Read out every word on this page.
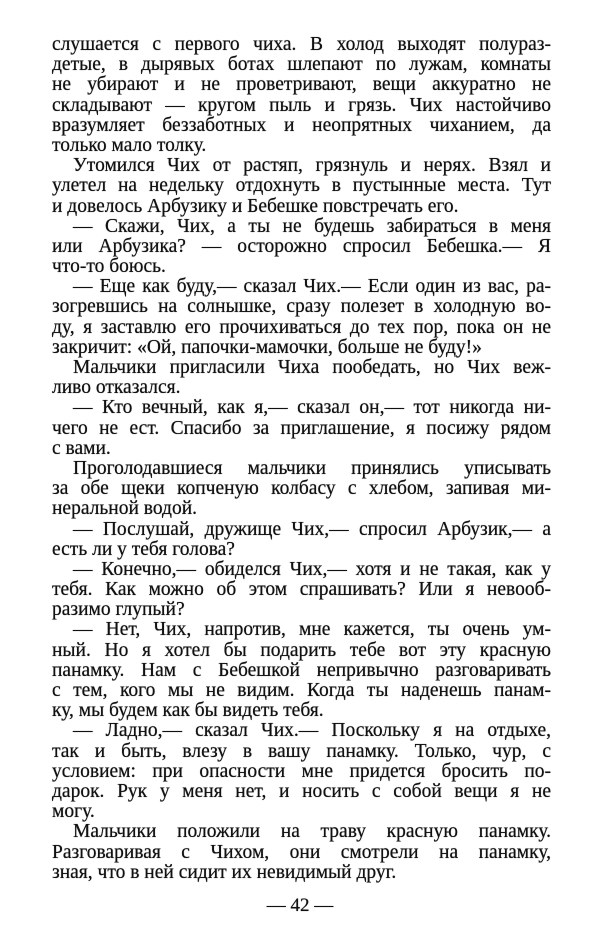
слушается с первого чиха. В холод выходят полураз-
детые, в дырявых ботах шлепают по лужам, комнаты
не убирают и не проветривают, вещи аккуратно не
складывают — кругом пыль и грязь. Чих настойчиво
вразумляет беззаботных и неопрятных чиханием, да
только мало толку.
Утомился Чих от растяп, грязнуль и нерях. Взял и
улетел на недельку отдохнуть в пустынные места. Тут
и довелось Арбузику и Бебешке повстречать его.
— Скажи, Чих, а ты не будешь забираться в меня
или Арбузика? — осторожно спросил Бебешка.— Я
что-то боюсь.
— Еще как буду,— сказал Чих.— Если один из вас, ра-
зогревшись на солнышке, сразу полезет в холодную во-
ду, я заставлю его прочихиваться до тех пор, пока он не
закричит: «Ой, папочки-мамочки, больше не буду!»
Мальчики пригласили Чиха пообедать, но Чих веж-
ливо отказался.
— Кто вечный, как я,— сказал он,— тот никогда ни-
чего не ест. Спасибо за приглашение, я посижу рядом
с вами.
Проголодавшиеся мальчики принялись уписывать
за обе щеки копченую колбасу с хлебом, запивая ми-
неральной водой.
— Послушай, дружище Чих,— спросил Арбузик,— а
есть ли у тебя голова?
— Конечно,— обиделся Чих,— хотя и не такая, как у
тебя. Как можно об этом спрашивать? Или я невооб-
разимо глупый?
— Нет, Чих, напротив, мне кажется, ты очень ум-
ный. Но я хотел бы подарить тебе вот эту красную
панамку. Нам с Бебешкой непривычно разговаривать
с тем, кого мы не видим. Когда ты наденешь панам-
ку, мы будем как бы видеть тебя.
— Ладно,— сказал Чих.— Поскольку я на отдыхе,
так и быть, влезу в вашу панамку. Только, чур, с
условием: при опасности мне придется бросить по-
дарок. Рук у меня нет, и носить с собой вещи я не
могу.
Мальчики положили на траву красную панамку.
Разговаривая с Чихом, они смотрели на панамку,
зная, что в ней сидит их невидимый друг.
— 42 —
